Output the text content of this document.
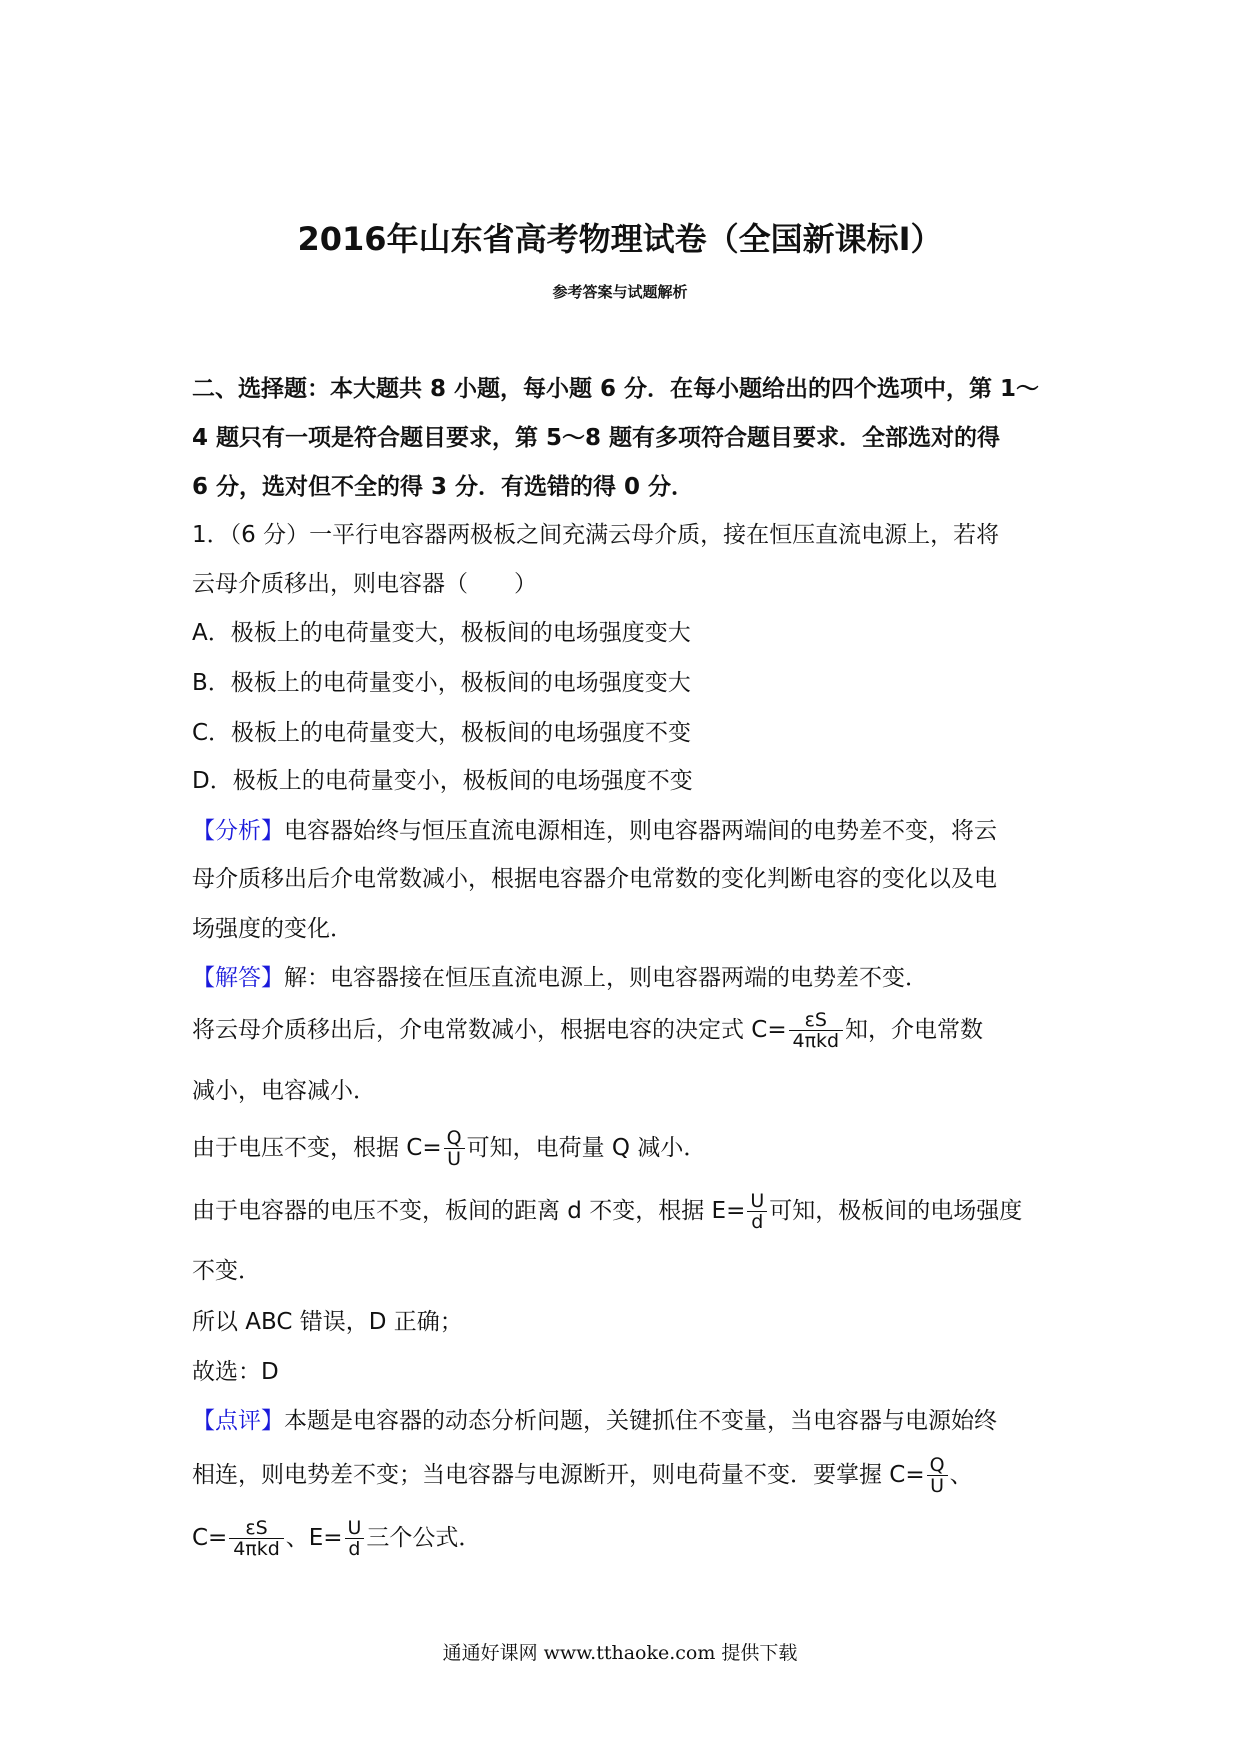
2016年山东省高考物理试卷（全国新课标Ⅰ）
参考答案与试题解析
二、选择题：本大题共 8 小题，每小题 6 分．在每小题给出的四个选项中，第 1～
4 题只有一项是符合题目要求，第 5～8 题有多项符合题目要求．全部选对的得
6 分，选对但不全的得 3 分．有选错的得 0 分．
1．（6 分）一平行电容器两极板之间充满云母介质，接在恒压直流电源上，若将
云母介质移出，则电容器（　　）
A．极板上的电荷量变大，极板间的电场强度变大
B．极板上的电荷量变小，极板间的电场强度变大
C．极板上的电荷量变大，极板间的电场强度不变
D．极板上的电荷量变小，极板间的电场强度不变
【分析】电容器始终与恒压直流电源相连，则电容器两端间的电势差不变，将云
母介质移出后介电常数减小，根据电容器介电常数的变化判断电容的变化以及电
场强度的变化．
【解答】解：电容器接在恒压直流电源上，则电容器两端的电势差不变．
将云母介质移出后，介电常数减小，根据电容的决定式 $C= \frac{\varepsilon S}{\text{4πkd}}$ 知，介电常数
减小，电容减小．
由于电压不变，根据 $C= \frac{Q}{U}$ 可知，电荷量 Q 减小．
由于电容器的电压不变，板间的距离 d 不变，根据 $E= \frac{U}{d}$ 可知，极板间的电场强度
不变．
所以 ABC 错误，D 正确；
故选：D
【点评】本题是电容器的动态分析问题，关键抓住不变量，当电容器与电源始终
相连，则电势差不变；当电容器与电源断开，则电荷量不变．要掌握 $C= \frac{Q}{U}$ 、
$C= \frac{\varepsilon S}{\text{4πkd}}$ 、$E= \frac{U}{d}$ 三个公式．
通通好课网 www.tthaoke.com 提供下载
